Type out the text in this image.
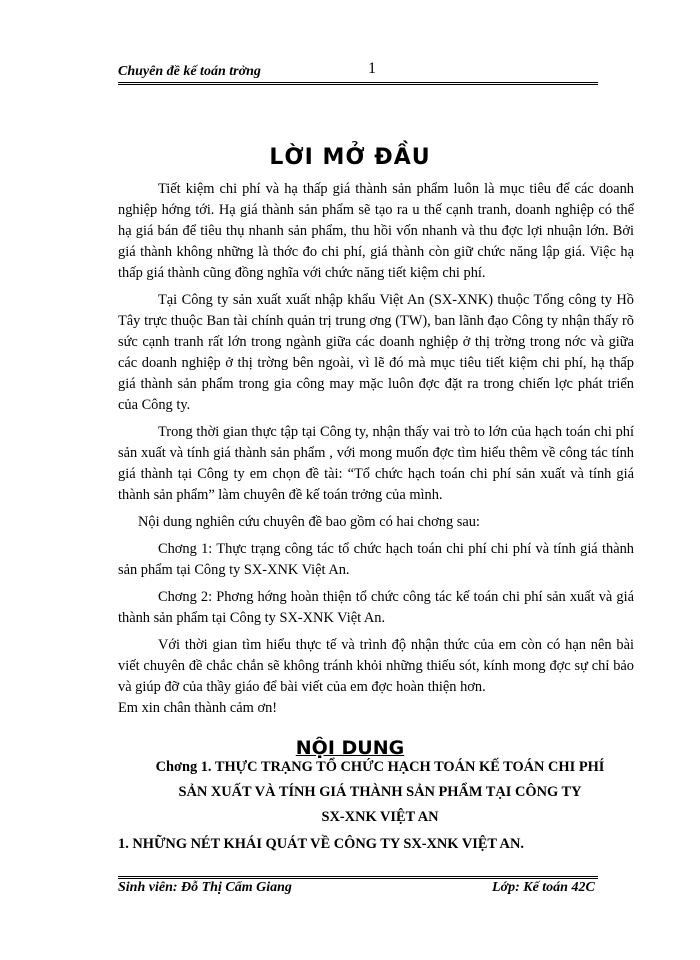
Chuyên đề kế toán trởng	1
LỜI MỞ ĐẦU

Tiết kiệm chi phí và hạ thấp giá thành sản phẩm luôn là mục tiêu để các doanh nghiệp hớng tới. Hạ giá thành sản phẩm sẽ tạo ra u thế cạnh tranh, doanh nghiệp có thể hạ giá bán để tiêu thụ nhanh sản phẩm, thu hồi vốn nhanh và thu đợc lợi nhuận lớn. Bởi giá thành không những là thớc đo chi phí, giá thành còn giữ chức năng lập giá. Việc hạ thấp giá thành cũng đồng nghĩa với chức năng tiết kiệm chi phí.

Tại Công ty sản xuất xuất nhập khẩu Việt An (SX-XNK) thuộc Tổng công ty Hồ Tây trực thuộc Ban tài chính quản trị trung ơng (TW), ban lãnh đạo Công ty nhận thấy rõ sức cạnh tranh rất lớn trong ngành giữa các doanh nghiệp ở thị trờng trong nớc và giữa các doanh nghiệp ở thị trờng bên ngoài, vì lẽ đó mà mục tiêu tiết kiệm chi phí, hạ thấp giá thành sản phẩm trong gia công may mặc luôn đợc đặt ra trong chiến lợc phát triển của Công ty.

Trong thời gian thực tập tại Công ty, nhận thấy vai trò to lớn của hạch toán chi phí sản xuất và tính giá thành sản phẩm , với mong muốn đợc tìm hiểu thêm về công tác tính giá thành tại Công ty em chọn đề tài: “Tổ chức hạch toán chi phí sản xuất và tính giá thành sản phẩm” làm chuyên đề kế toán trởng của mình.

Nội dung nghiên cứu chuyên đề bao gồm có hai chơng sau:

Chơng 1: Thực trạng công tác tổ chức hạch toán chi phí chi phí và tính giá thành sản phẩm tại Công ty SX-XNK Việt An.

Chơng 2: Phơng hớng hoàn thiện tổ chức công tác kế toán chi phí sản xuất và giá thành sản phẩm tại Công ty SX-XNK Việt An.

Với thời gian tìm hiểu thực tế và trình độ nhận thức của em còn có hạn nên bài viết chuyên đề chắc chắn sẽ không tránh khỏi những thiếu sót, kính mong đợc sự chỉ bảo và giúp đỡ của thầy giáo để bài viết của em đợc hoàn thiện hơn.

Em xin chân thành cảm ơn!

NỘI DUNG
Chơng 1. THỰC TRẠNG TỔ CHỨC HẠCH TOÁN KẾ TOÁN CHI PHÍ
SẢN XUẤT VÀ TÍNH GIÁ THÀNH SẢN PHẨM TẠI CÔNG TY
SX-XNK VIỆT AN
1. NHỮNG NÉT KHÁI QUÁT VỀ CÔNG TY SX-XNK VIỆT AN.
Sinh viên: Đỗ Thị Cẩm Giang	Lớp: Kế toán 42C
